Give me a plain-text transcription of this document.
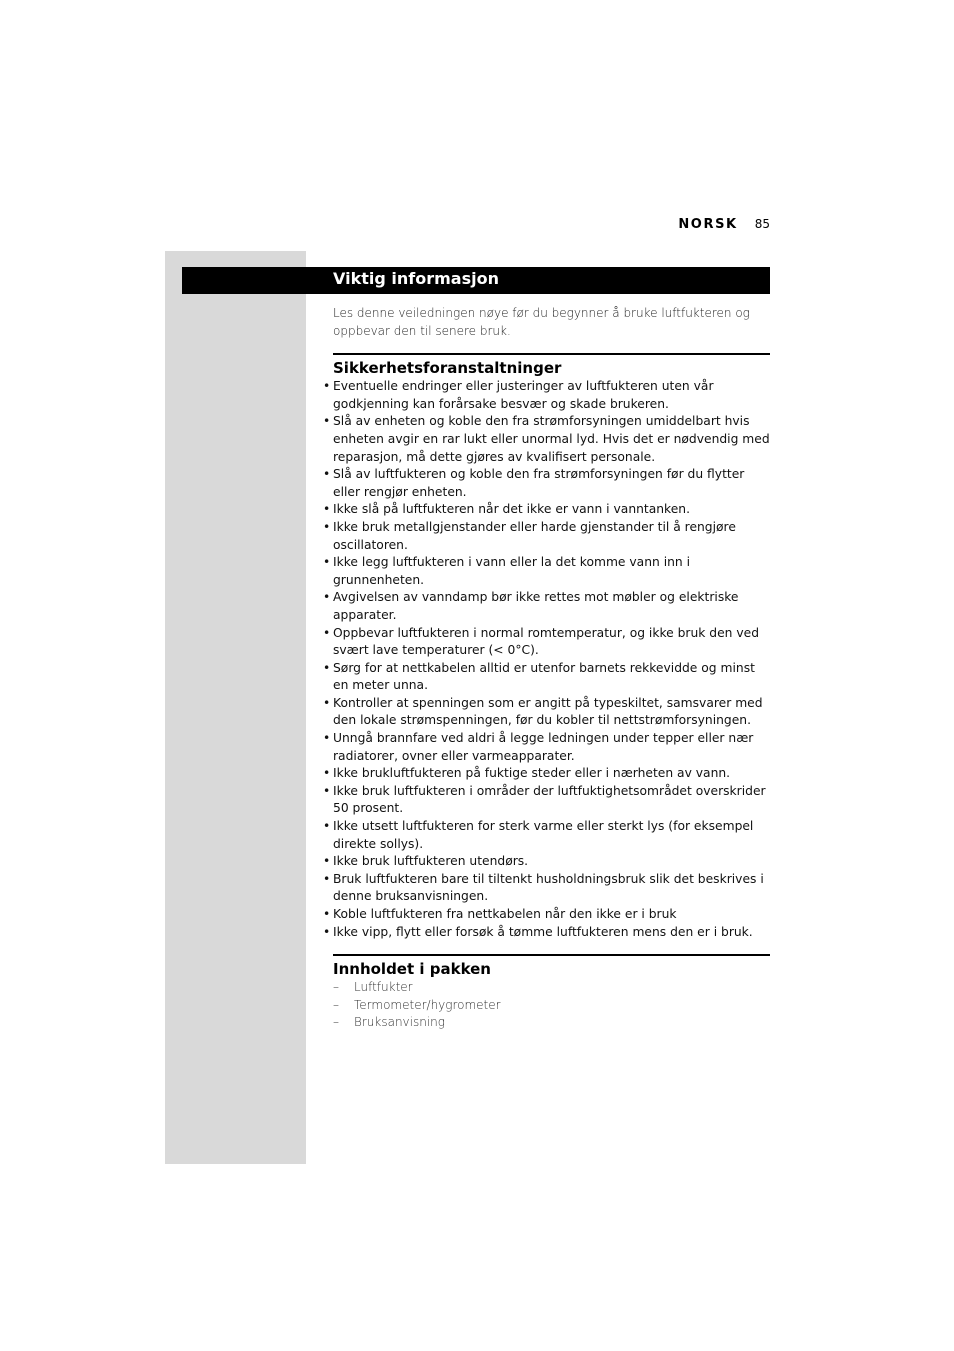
NORSK 85
Viktig informasjon

Les denne veiledningen nøye før du begynner å bruke luftfukteren og oppbevar den til senere bruk.

Sikkerhetsforanstaltninger
• Eventuelle endringer eller justeringer av luftfukteren uten vår godkjenning kan forårsake besvær og skade brukeren.
• Slå av enheten og koble den fra strømforsyningen umiddelbart hvis enheten avgir en rar lukt eller unormal lyd. Hvis det er nødvendig med reparasjon, må dette gjøres av kvalifisert personale.
• Slå av luftfukteren og koble den fra strømforsyningen før du flytter eller rengjør enheten.
• Ikke slå på luftfukteren når det ikke er vann i vanntanken.
• Ikke bruk metallgjenstander eller harde gjenstander til å rengjøre oscillatoren.
• Ikke legg luftfukteren i vann eller la det komme vann inn i grunnenheten.
• Avgivelsen av vanndamp bør ikke rettes mot møbler og elektriske apparater.
• Oppbevar luftfukteren i normal romtemperatur, og ikke bruk den ved svært lave temperaturer (< 0°C).
• Sørg for at nettkabelen alltid er utenfor barnets rekkevidde og minst en meter unna.
• Kontroller at spenningen som er angitt på typeskiltet, samsvarer med den lokale strømspenningen, før du kobler til nettstrømforsyningen.
• Unngå brannfare ved aldri å legge ledningen under tepper eller nær radiatorer, ovner eller varmeapparater.
• Ikke brukluftfukteren på fuktige steder eller i nærheten av vann.
• Ikke bruk luftfukteren i områder der luftfuktighetsområdet overskrider 50 prosent.
• Ikke utsett luftfukteren for sterk varme eller sterkt lys (for eksempel direkte sollys).
• Ikke bruk luftfukteren utendørs.
• Bruk luftfukteren bare til tiltenkt husholdningsbruk slik det beskrives i denne bruksanvisningen.
• Koble luftfukteren fra nettkabelen når den ikke er i bruk
• Ikke vipp, flytt eller forsøk å tømme luftfukteren mens den er i bruk.
Innholdet i pakken
– Luftfukter
– Termometer/hygrometer
– Bruksanvisning
